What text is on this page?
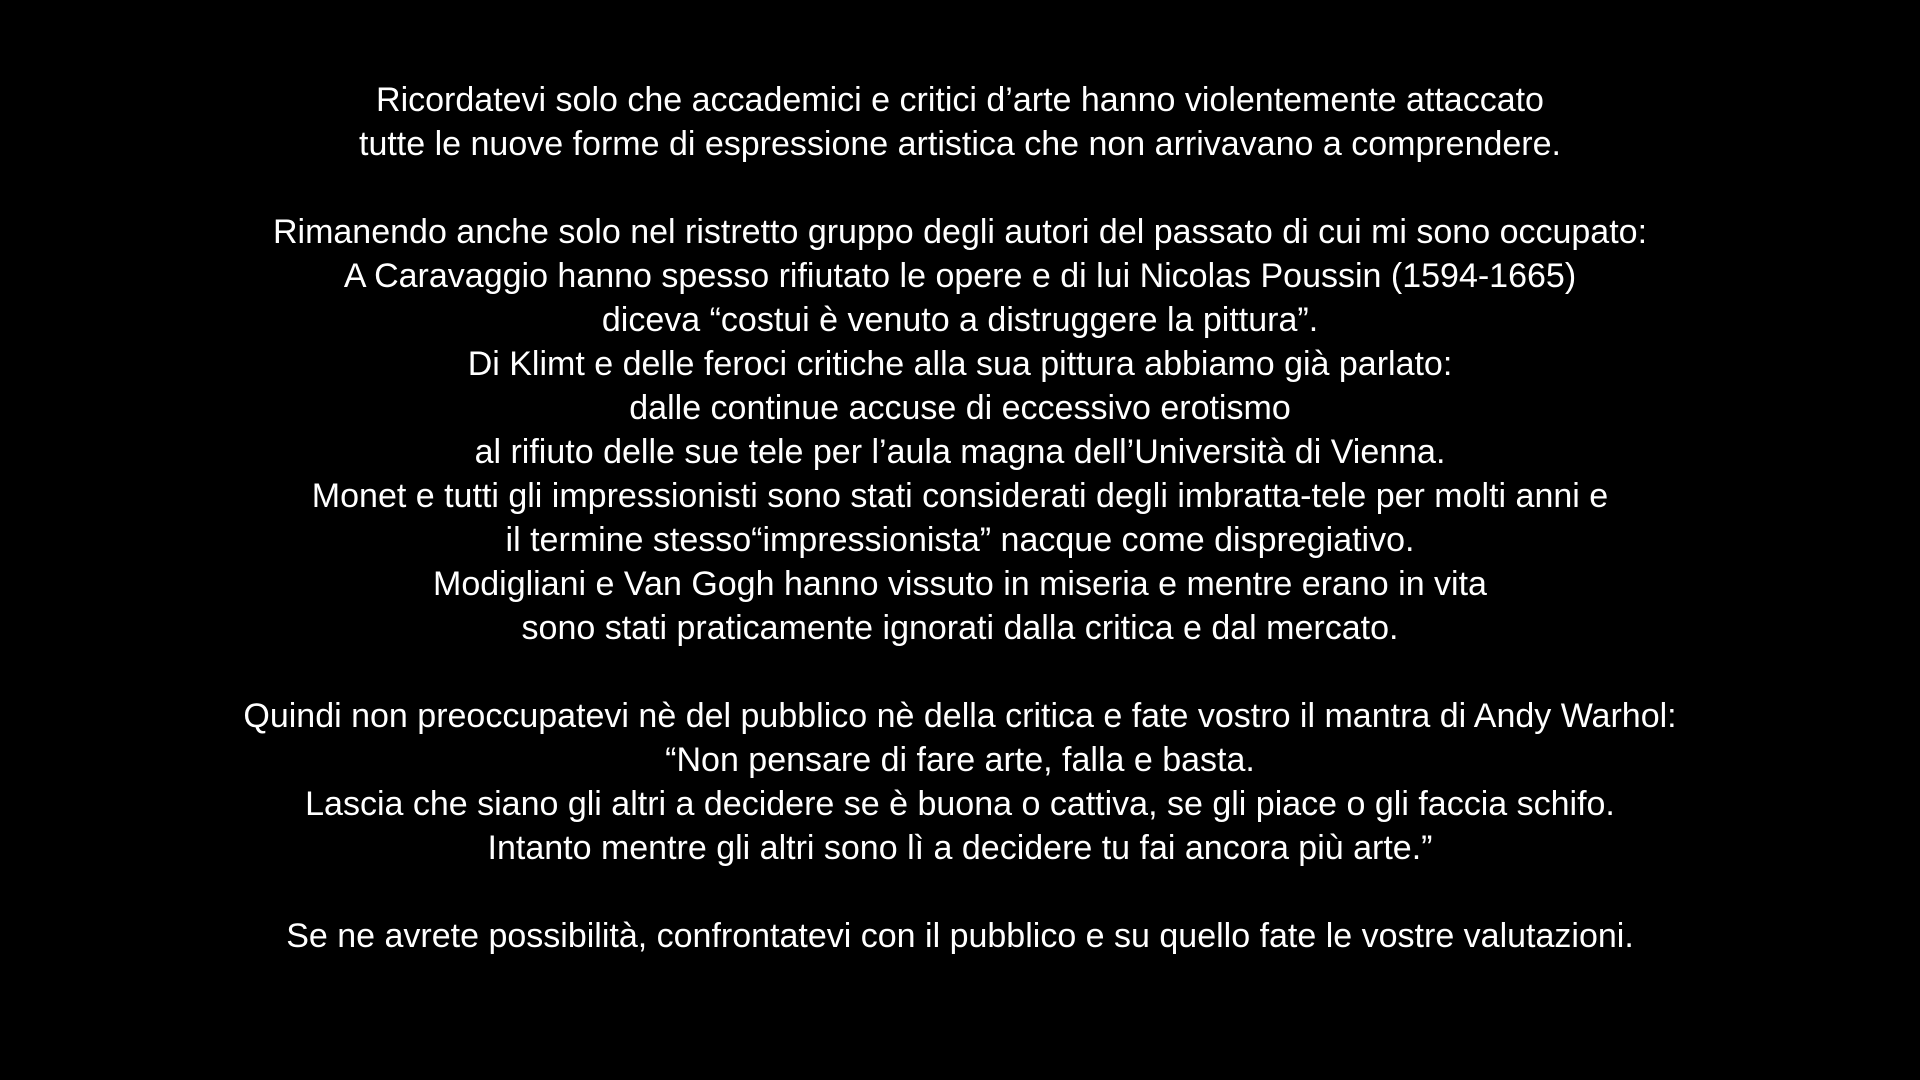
Ricordatevi solo che accademici e critici d’arte hanno violentemente attaccato
tutte le nuove forme di espressione artistica che non arrivavano a comprendere.

Rimanendo anche solo nel ristretto gruppo degli autori del passato di cui mi sono occupato:
A Caravaggio hanno spesso rifiutato le opere e di lui Nicolas Poussin (1594-1665)
diceva “costui è venuto a distruggere la pittura”.
Di Klimt e delle feroci critiche alla sua pittura abbiamo già parlato:
dalle continue accuse di eccessivo erotismo
al rifiuto delle sue tele per l’aula magna dell’Università di Vienna.
Monet e tutti gli impressionisti sono stati considerati degli imbratta-tele per molti anni e
il termine stesso“impressionista” nacque come dispregiativo.
Modigliani e Van Gogh hanno vissuto in miseria e mentre erano in vita
sono stati praticamente ignorati dalla critica e dal mercato.

Quindi non preoccupatevi nè del pubblico nè della critica e fate vostro il mantra di Andy Warhol:
“Non pensare di fare arte, falla e basta.
Lascia che siano gli altri a decidere se è buona o cattiva, se gli piace o gli faccia schifo.
Intanto mentre gli altri sono lì a decidere tu fai ancora più arte.”

Se ne avrete possibilità, confrontatevi con il pubblico e su quello fate le vostre valutazioni.
